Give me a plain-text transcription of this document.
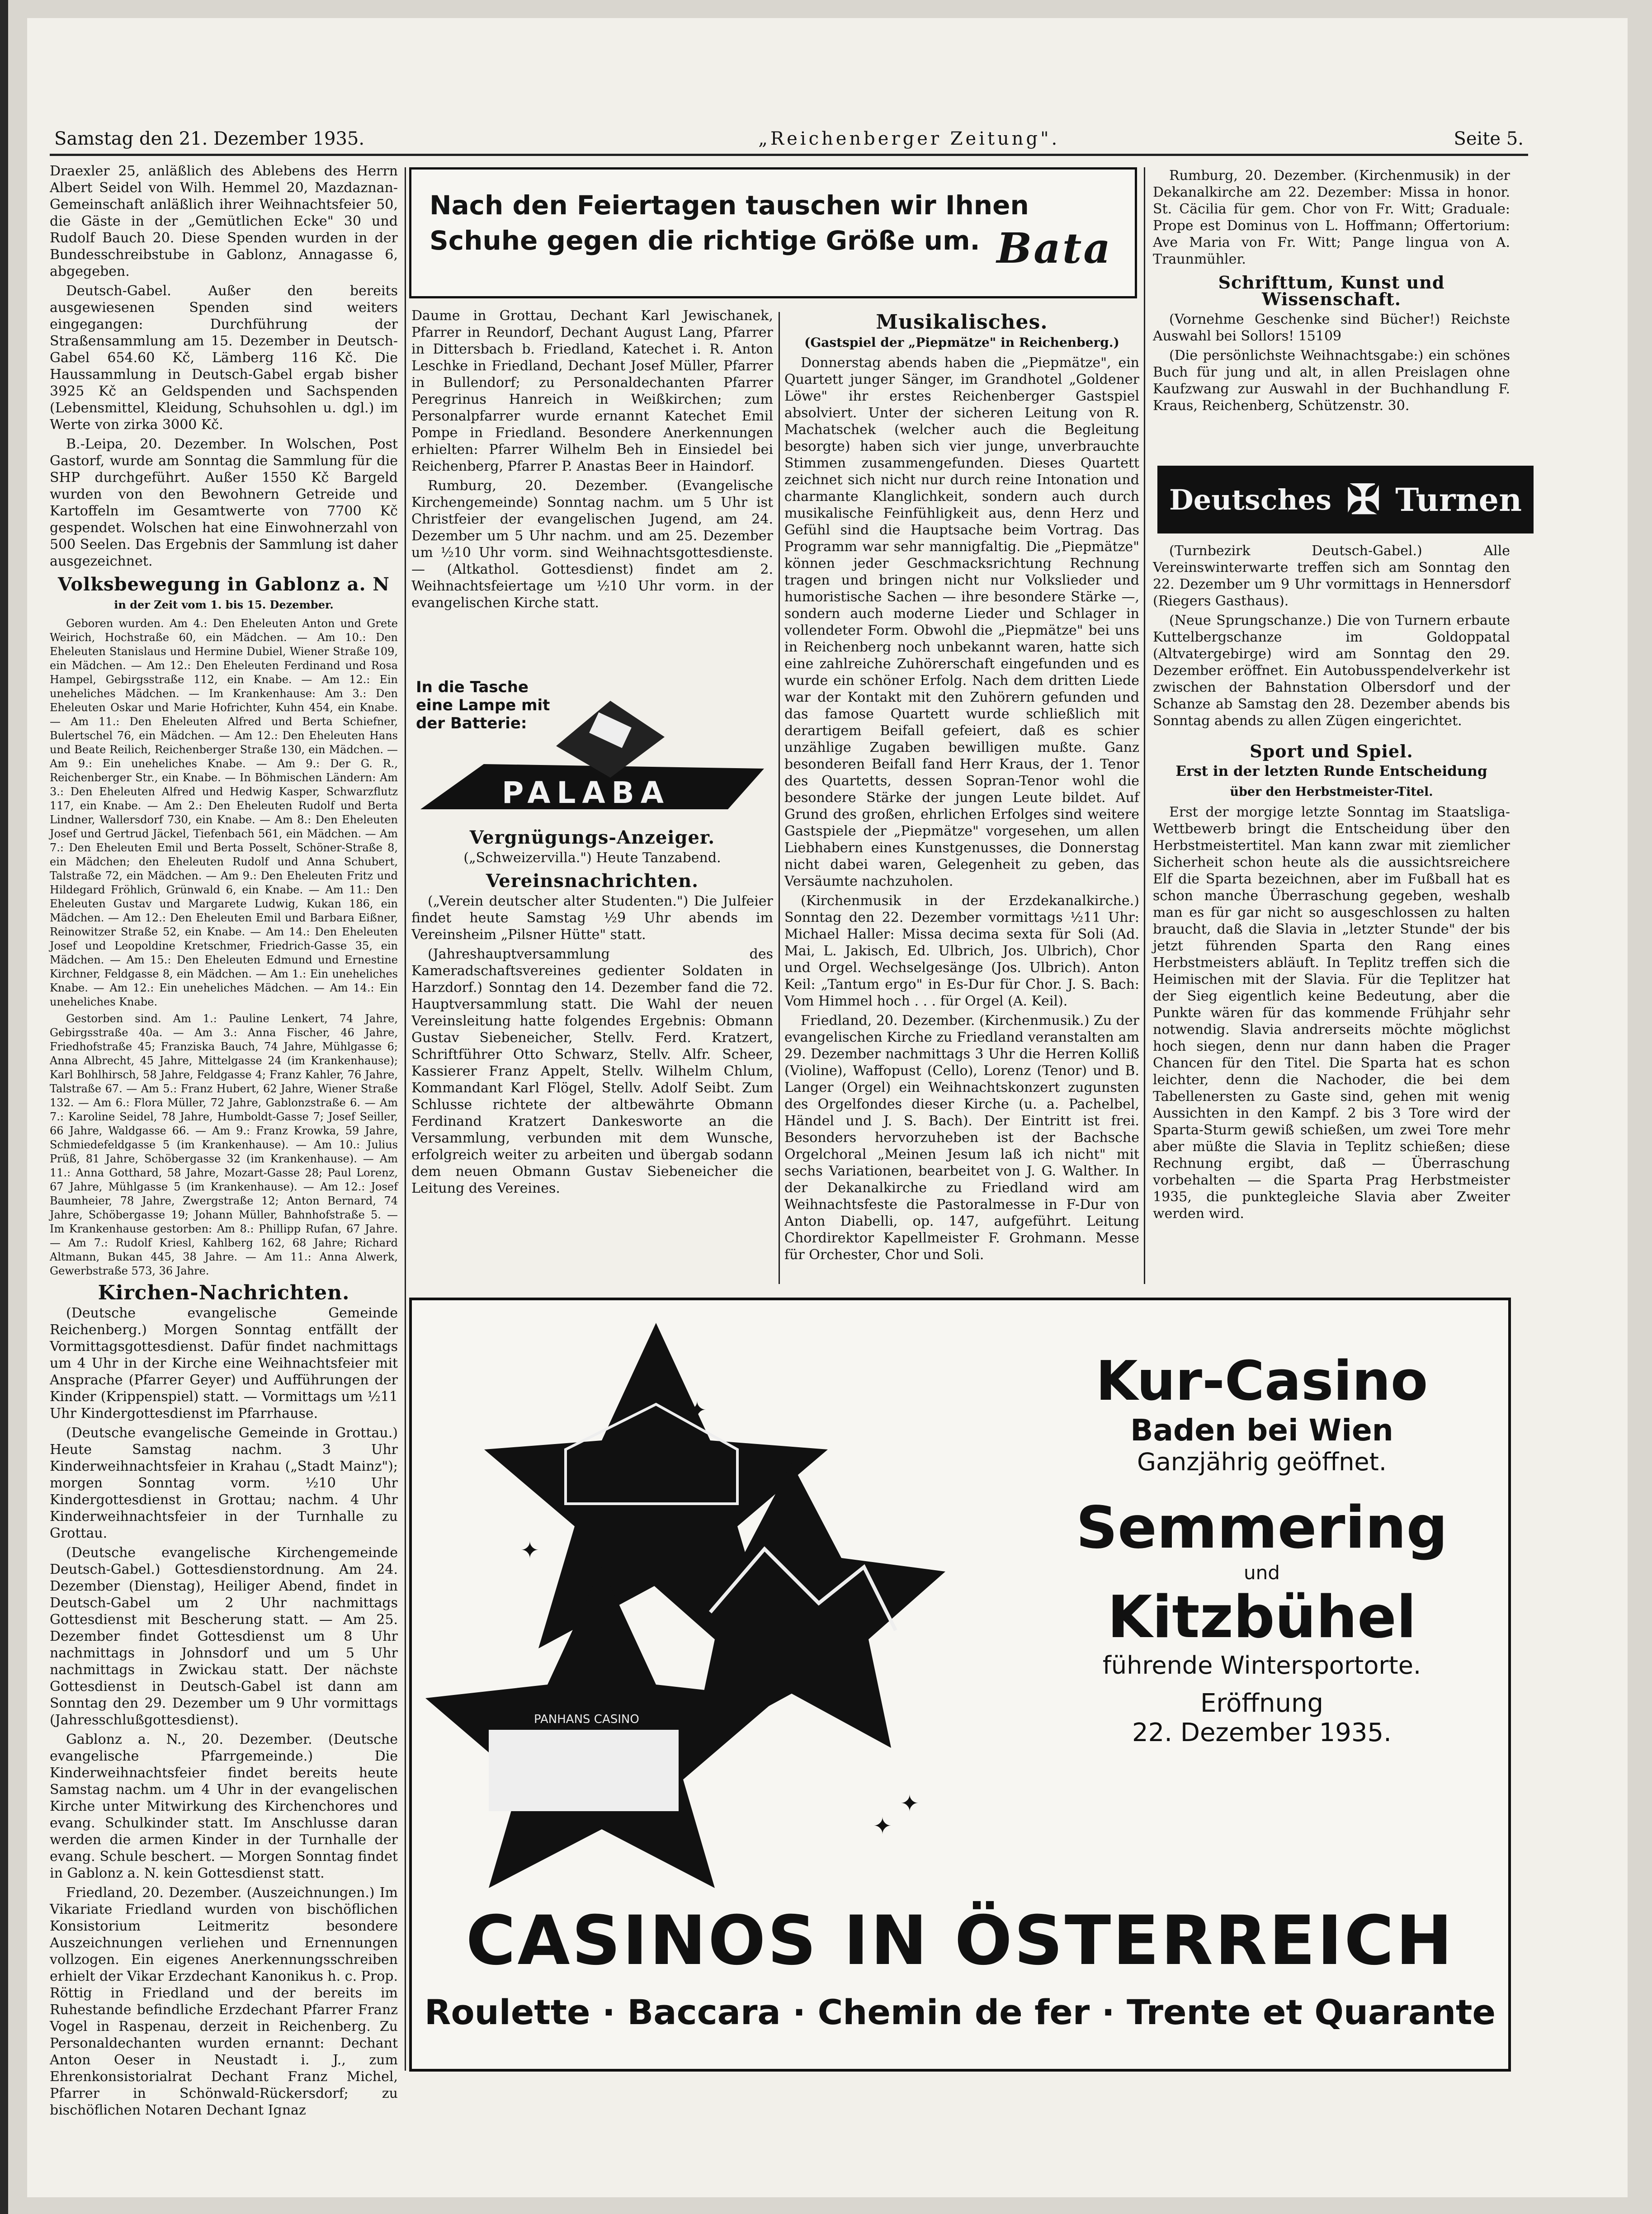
Samstag den 21. Dezember 1935.	„Reichenberger Zeitung".	Seite 5.

Draexler 25, anläßlich des Ablebens des Herrn Albert Seidel von Wilh. Hemmel 20, Mazdaznan-Gemeinschaft anläßlich ihrer Weihnachtsfeier 50, die Gäste in der „Gemütlichen Ecke" 30 und Rudolf Bauch 20. Diese Spenden wurden in der Bundesschreibstube in Gablonz, Annagasse 6, abgegeben.

Deutsch-Gabel. Außer den bereits ausgewiesenen Spenden sind weiters eingegangen: Durchführung der Straßensammlung am 15. Dezember in Deutsch-Gabel 654.60 Kč, Lämberg 116 Kč. Die Haussammlung in Deutsch-Gabel ergab bisher 3925 Kč an Geldspenden und Sachspenden (Lebensmittel, Kleidung, Schuhsohlen u. dgl.) im Werte von zirka 3000 Kč.

B.-Leipa, 20. Dezember. In Wolschen, Post Gastorf, wurde am Sonntag die Sammlung für die SHP durchgeführt. Außer 1550 Kč Bargeld wurden von den Bewohnern Getreide und Kartoffeln im Gesamtwerte von 7700 Kč gespendet. Wolschen hat eine Einwohnerzahl von 500 Seelen. Das Ergebnis der Sammlung ist daher ausgezeichnet.

Volksbewegung in Gablonz a. N
in der Zeit vom 1. bis 15. Dezember.

Geboren wurden. Am 4.: Den Eheleuten Anton und Grete Weirich, Hochstraße 60, ein Mädchen. — Am 10.: Den Eheleuten Stanislaus und Hermine Dubiel, Wiener Straße 109, ein Mädchen. — Am 12.: Den Eheleuten Ferdinand und Rosa Hampel, Gebirgsstraße 112, ein Knabe. — Am 12.: Ein uneheliches Mädchen. — Im Krankenhause: Am 3.: Den Eheleuten Oskar und Marie Hofrichter, Kuhn 454, ein Knabe. — Am 11.: Den Eheleuten Alfred und Berta Schiefner, Bulertschel 76, ein Mädchen. — Am 12.: Den Eheleuten Hans und Beate Reilich, Reichenberger Straße 130, ein Mädchen. — Am 9.: Ein uneheliches Knabe. — Am 9.: Der G. R., Reichenberger Str., ein Knabe. — In Böhmischen Ländern: Am 3.: Den Eheleuten Alfred und Hedwig Kasper, Schwarzflutz 117, ein Knabe. — Am 2.: Den Eheleuten Rudolf und Berta Lindner, Wallersdorf 730, ein Knabe. — Am 8.: Den Eheleuten Josef und Gertrud Jäckel, Tiefenbach 561, ein Mädchen. — Am 7.: Den Eheleuten Emil und Berta Posselt, Schöner-Straße 8, ein Mädchen; den Eheleuten Rudolf und Anna Schubert, Talstraße 72, ein Mädchen. — Am 9.: Den Eheleuten Fritz und Hildegard Fröhlich, Grünwald 6, ein Knabe. — Am 11.: Den Eheleuten Gustav und Margarete Ludwig, Kukan 186, ein Mädchen. — Am 12.: Den Eheleuten Emil und Barbara Eißner, Reinowitzer Straße 52, ein Knabe. — Am 14.: Den Eheleuten Josef und Leopoldine Kretschmer, Friedrich-Gasse 35, ein Mädchen. — Am 15.: Den Eheleuten Edmund und Ernestine Kirchner, Feldgasse 8, ein Mädchen. — Am 1.: Ein uneheliches Knabe. — Am 12.: Ein uneheliches Mädchen. — Am 14.: Ein uneheliches Knabe.

Gestorben sind. Am 1.: Pauline Lenkert, 74 Jahre, Gebirgsstraße 40a. — Am 3.: Anna Fischer, 46 Jahre, Friedhofstraße 45; Franziska Bauch, 74 Jahre, Mühlgasse 6; Anna Albrecht, 45 Jahre, Mittelgasse 24 (im Krankenhause); Karl Bohlhirsch, 58 Jahre, Feldgasse 4; Franz Kahler, 76 Jahre, Talstraße 67. — Am 5.: Franz Hubert, 62 Jahre, Wiener Straße 132. — Am 6.: Flora Müller, 72 Jahre, Gablonzstraße 6. — Am 7.: Karoline Seidel, 78 Jahre, Humboldt-Gasse 7; Josef Seiller, 66 Jahre, Waldgasse 66. — Am 9.: Franz Krowka, 59 Jahre, Schmiedefeldgasse 5 (im Krankenhause). — Am 10.: Julius Prüß, 81 Jahre, Schöbergasse 32 (im Krankenhause). — Am 11.: Anna Gotthard, 58 Jahre, Mozart-Gasse 28; Paul Lorenz, 67 Jahre, Mühlgasse 5 (im Krankenhause). — Am 12.: Josef Baumheier, 78 Jahre, Zwergstraße 12; Anton Bernard, 74 Jahre, Schöbergasse 19; Johann Müller, Bahnhofstraße 5. — Im Krankenhause gestorben: Am 8.: Phillipp Rufan, 67 Jahre. — Am 7.: Rudolf Kriesl, Kahlberg 162, 68 Jahre; Richard Altmann, Bukan 445, 38 Jahre. — Am 11.: Anna Alwerk, Gewerbstraße 573, 36 Jahre.

Kirchen-Nachrichten.

(Deutsche evangelische Gemeinde Reichenberg.) Morgen Sonntag entfällt der Vormittagsgottesdienst. Dafür findet nachmittags um 4 Uhr in der Kirche eine Weihnachtsfeier mit Ansprache (Pfarrer Geyer) und Aufführungen der Kinder (Krippenspiel) statt. — Vormittags um ½11 Uhr Kindergottesdienst im Pfarrhause.

(Deutsche evangelische Gemeinde in Grottau.) Heute Samstag nachm. 3 Uhr Kinderweihnachtsfeier in Krahau („Stadt Mainz"); morgen Sonntag vorm. ½10 Uhr Kindergottesdienst in Grottau; nachm. 4 Uhr Kinderweihnachtsfeier in der Turnhalle zu Grottau.

(Deutsche evangelische Kirchengemeinde Deutsch-Gabel.) Gottesdienstordnung. Am 24. Dezember (Dienstag), Heiliger Abend, findet in Deutsch-Gabel um 2 Uhr nachmittags Gottesdienst mit Bescherung statt. — Am 25. Dezember findet Gottesdienst um 8 Uhr nachmittags in Johnsdorf und um 5 Uhr nachmittags in Zwickau statt. Der nächste Gottesdienst in Deutsch-Gabel ist dann am Sonntag den 29. Dezember um 9 Uhr vormittags (Jahresschlußgottesdienst).

Gablonz a. N., 20. Dezember. (Deutsche evangelische Pfarrgemeinde.) Die Kinderweihnachtsfeier findet bereits heute Samstag nachm. um 4 Uhr in der evangelischen Kirche unter Mitwirkung des Kirchenchores und evang. Schulkinder statt. Im Anschlusse daran werden die armen Kinder in der Turnhalle der evang. Schule beschert. — Morgen Sonntag findet in Gablonz a. N. kein Gottesdienst statt.

Friedland, 20. Dezember. (Auszeichnungen.) Im Vikariate Friedland wurden von bischöflichen Konsistorium Leitmeritz besondere Auszeichnungen verliehen und Ernennungen vollzogen. Ein eigenes Anerkennungsschreiben erhielt der Vikar Erzdechant Kanonikus h. c. Prop. Röttig in Friedland und der bereits im Ruhestande befindliche Erzdechant Pfarrer Franz Vogel in Raspenau, derzeit in Reichenberg. Zu Personaldechanten wurden ernannt: Dechant Anton Oeser in Neustadt i. J., zum Ehrenkonsistorialrat Dechant Franz Michel, Pfarrer in Schönwald-Rückersdorf; zu bischöflichen Notaren Dechant Ignaz

Nach den Feiertagen tauschen wir Ihnen
Schuhe gegen die richtige Größe um. Bata

Daume in Grottau, Dechant Karl Jewischanek, Pfarrer in Reundorf, Dechant August Lang, Pfarrer in Dittersbach b. Friedland, Katechet i. R. Anton Leschke in Friedland, Dechant Josef Müller, Pfarrer in Bullendorf; zu Personaldechanten Pfarrer Peregrinus Hanreich in Weißkirchen; zum Personalpfarrer wurde ernannt Katechet Emil Pompe in Friedland. Besondere Anerkennungen erhielten: Pfarrer Wilhelm Beh in Einsiedel bei Reichenberg, Pfarrer P. Anastas Beer in Haindorf.

Rumburg, 20. Dezember. (Evangelische Kirchengemeinde) Sonntag nachm. um 5 Uhr ist Christfeier der evangelischen Jugend, am 24. Dezember um 5 Uhr nachm. und am 25. Dezember um ½10 Uhr vorm. sind Weihnachtsgottesdienste. — (Altkathol. Gottesdienst) findet am 2. Weihnachtsfeiertage um ½10 Uhr vorm. in der evangelischen Kirche statt.

In die Tasche eine Lampe mit der Batterie:
PALABA
Vergnügungs-Anzeiger.

(„Schweizervilla.") Heute Tanzabend.

Vereinsnachrichten.

(„Verein deutscher alter Studenten.") Die Julfeier findet heute Samstag ½9 Uhr abends im Vereinsheim „Pilsner Hütte" statt.

(Jahreshauptversammlung des Kameradschaftsvereines gedienter Soldaten in Harzdorf.) Sonntag den 14. Dezember fand die 72. Hauptversammlung statt. Die Wahl der neuen Vereinsleitung hatte folgendes Ergebnis: Obmann Gustav Siebeneicher, Stellv. Ferd. Kratzert, Schriftführer Otto Schwarz, Stellv. Alfr. Scheer, Kassierer Franz Appelt, Stellv. Wilhelm Chlum, Kommandant Karl Flögel, Stellv. Adolf Seibt. Zum Schlusse richtete der altbewährte Obmann Ferdinand Kratzert Dankesworte an die Versammlung, verbunden mit dem Wunsche, erfolgreich weiter zu arbeiten und übergab sodann dem neuen Obmann Gustav Siebeneicher die Leitung des Vereines.

Musikalisches.
(Gastspiel der „Piepmätze" in Reichenberg.)

Donnerstag abends haben die „Piepmätze", ein Quartett junger Sänger, im Grandhotel „Goldener Löwe" ihr erstes Reichenberger Gastspiel absolviert. Unter der sicheren Leitung von R. Machatschek (welcher auch die Begleitung besorgte) haben sich vier junge, unverbrauchte Stimmen zusammengefunden. Dieses Quartett zeichnet sich nicht nur durch reine Intonation und charmante Klanglichkeit, sondern auch durch musikalische Feinfühligkeit aus, denn Herz und Gefühl sind die Hauptsache beim Vortrag. Das Programm war sehr mannigfaltig. Die „Piepmätze" können jeder Geschmacksrichtung Rechnung tragen und bringen nicht nur Volkslieder und humoristische Sachen — ihre besondere Stärke —, sondern auch moderne Lieder und Schlager in vollendeter Form. Obwohl die „Piepmätze" bei uns in Reichenberg noch unbekannt waren, hatte sich eine zahlreiche Zuhörerschaft eingefunden und es wurde ein schöner Erfolg. Nach dem dritten Liede war der Kontakt mit den Zuhörern gefunden und das famose Quartett wurde schließlich mit derartigem Beifall gefeiert, daß es schier unzählige Zugaben bewilligen mußte. Ganz besonderen Beifall fand Herr Kraus, der 1. Tenor des Quartetts, dessen Sopran-Tenor wohl die besondere Stärke der jungen Leute bildet. Auf Grund des großen, ehrlichen Erfolges sind weitere Gastspiele der „Piepmätze" vorgesehen, um allen Liebhabern eines Kunstgenusses, die Donnerstag nicht dabei waren, Gelegenheit zu geben, das Versäumte nachzuholen.

(Kirchenmusik in der Erzdekanalkirche.) Sonntag den 22. Dezember vormittags ½11 Uhr: Michael Haller: Missa decima sexta für Soli (Ad. Mai, L. Jakisch, Ed. Ulbrich, Jos. Ulbrich), Chor und Orgel. Wechselgesänge (Jos. Ulbrich). Anton Keil: „Tantum ergo" in Es-Dur für Chor. J. S. Bach: Vom Himmel hoch . . . für Orgel (A. Keil).

Friedland, 20. Dezember. (Kirchenmusik.) Zu der evangelischen Kirche zu Friedland veranstalten am 29. Dezember nachmittags 3 Uhr die Herren Kolliß (Violine), Waffopust (Cello), Lorenz (Tenor) und B. Langer (Orgel) ein Weihnachtskonzert zugunsten des Orgelfondes dieser Kirche (u. a. Pachelbel, Händel und J. S. Bach). Der Eintritt ist frei. Besonders hervorzuheben ist der Bachsche Orgelchoral „Meinen Jesum laß ich nicht" mit sechs Variationen, bearbeitet von J. G. Walther. In der Dekanalkirche zu Friedland wird am Weihnachtsfeste die Pastoralmesse in F-Dur von Anton Diabelli, op. 147, aufgeführt. Leitung Chordirektor Kapellmeister F. Grohmann. Messe für Orchester, Chor und Soli.

Rumburg, 20. Dezember. (Kirchenmusik) in der Dekanalkirche am 22. Dezember: Missa in honor. St. Cäcilia für gem. Chor von Fr. Witt; Graduale: Prope est Dominus von L. Hoffmann; Offertorium: Ave Maria von Fr. Witt; Pange lingua von A. Traunmühler.

Schrifttum, Kunst und Wissenschaft.

(Vornehme Geschenke sind Bücher!) Reichste Auswahl bei Sollors! 15109

(Die persönlichste Weihnachtsgabe:) ein schönes Buch für jung und alt, in allen Preislagen ohne Kaufzwang zur Auswahl in der Buchhandlung F. Kraus, Reichenberg, Schützenstr. 30.

Deutsches ✠ Turnen

(Turnbezirk Deutsch-Gabel.) Alle Vereinswinterwarte treffen sich am Sonntag den 22. Dezember um 9 Uhr vormittags in Hennersdorf (Riegers Gasthaus).

(Neue Sprungschanze.) Die von Turnern erbaute Kuttelbergschanze im Goldoppatal (Altvatergebirge) wird am Sonntag den 29. Dezember eröffnet. Ein Autobusspendelverkehr ist zwischen der Bahnstation Olbersdorf und der Schanze ab Samstag den 28. Dezember abends bis Sonntag abends zu allen Zügen eingerichtet.

Sport und Spiel.
Erst in der letzten Runde Entscheidung
über den Herbstmeister-Titel.

Erst der morgige letzte Sonntag im Staatsliga-Wettbewerb bringt die Entscheidung über den Herbstmeistertitel. Man kann zwar mit ziemlicher Sicherheit schon heute als die aussichtsreichere Elf die Sparta bezeichnen, aber im Fußball hat es schon manche Überraschung gegeben, weshalb man es für gar nicht so ausgeschlossen zu halten braucht, daß die Slavia in „letzter Stunde" der bis jetzt führenden Sparta den Rang eines Herbstmeisters abläuft. In Teplitz treffen sich die Heimischen mit der Slavia. Für die Teplitzer hat der Sieg eigentlich keine Bedeutung, aber die Punkte wären für das kommende Frühjahr sehr notwendig. Slavia andrerseits möchte möglichst hoch siegen, denn nur dann haben die Prager Chancen für den Titel. Die Sparta hat es schon leichter, denn die Nachoder, die bei dem Tabellenersten zu Gaste sind, gehen mit wenig Aussichten in den Kampf. 2 bis 3 Tore wird der Sparta-Sturm gewiß schießen, um zwei Tore mehr aber müßte die Slavia in Teplitz schießen; diese Rechnung ergibt, daß — Überraschung vorbehalten — die Sparta Prag Herbstmeister 1935, die punktegleiche Slavia aber Zweiter werden wird.

PANHANS CASINO
✦
✦
✦
✦
Kur-Casino
Baden bei Wien
Ganzjährig geöffnet.
Semmering
und
Kitzbühel
führende Wintersportorte.
Eröffnung
22. Dezember 1935.
CASINOS IN ÖSTERREICH
Roulette · Baccara · Chemin de fer · Trente et Quarante
